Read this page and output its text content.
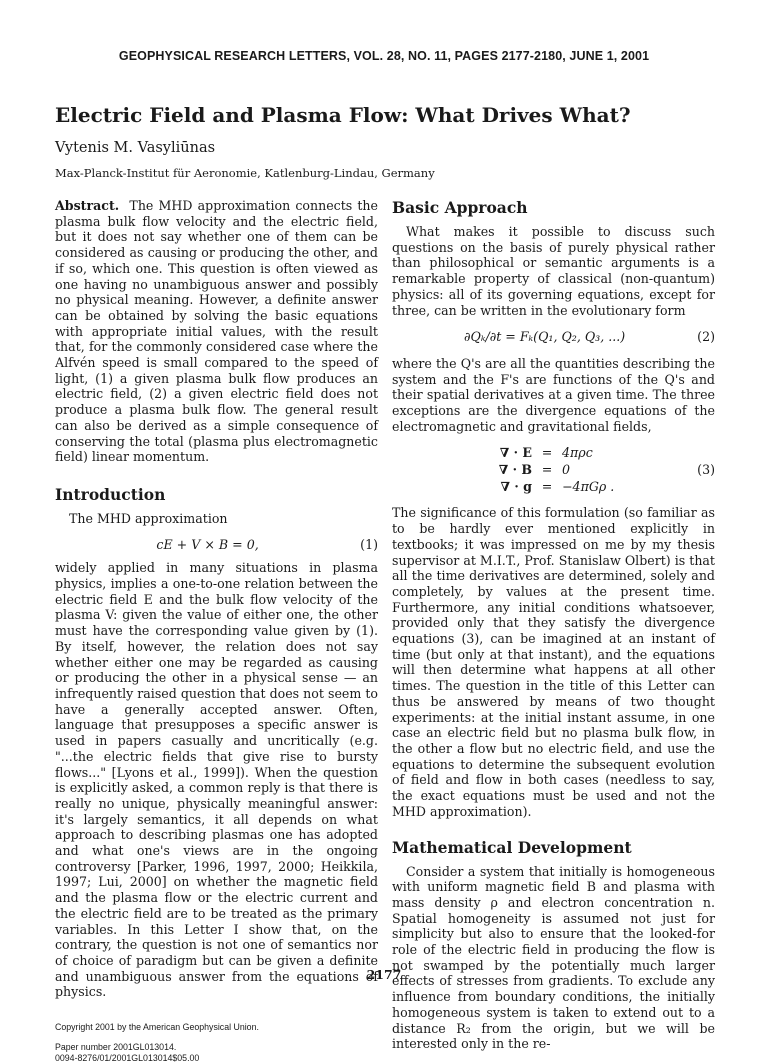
GEOPHYSICAL RESEARCH LETTERS, VOL. 28, NO. 11, PAGES 2177-2180, JUNE 1, 2001
Electric Field and Plasma Flow: What Drives What?
Vytenis M. Vasyliūnas
Max-Planck-Institut für Aeronomie, Katlenburg-Lindau, Germany

Abstract. The MHD approximation connects the plasma bulk flow velocity and the electric field, but it does not say whether one of them can be considered as causing or producing the other, and if so, which one. This question is often viewed as one having no unambiguous answer and possibly no physical meaning. However, a definite answer can be obtained by solving the basic equations with appropriate initial values, with the result that, for the commonly considered case where the Alfvén speed is small compared to the speed of light, (1) a given plasma bulk flow produces an electric field, (2) a given electric field does not produce a plasma bulk flow. The general result can also be derived as a simple consequence of conserving the total (plasma plus electromagnetic field) linear momentum.

Introduction

The MHD approximation

cE + V × B = 0,	(1)

widely applied in many situations in plasma physics, implies a one-to-one relation between the electric field E and the bulk flow velocity of the plasma V: given the value of either one, the other must have the corresponding value given by (1). By itself, however, the relation does not say whether either one may be regarded as causing or producing the other in a physical sense — an infrequently raised question that does not seem to have a generally accepted answer. Often, language that presupposes a specific answer is used in papers casually and uncritically (e.g. "...the electric fields that give rise to bursty flows..." [Lyons et al., 1999]). When the question is explicitly asked, a common reply is that there is really no unique, physically meaningful answer: it's largely semantics, it all depends on what approach to describing plasmas one has adopted and what one's views are in the ongoing controversy [Parker, 1996, 1997, 2000; Heikkila, 1997; Lui, 2000] on whether the magnetic field and the plasma flow or the electric current and the electric field are to be treated as the primary variables. In this Letter I show that, on the contrary, the question is not one of semantics nor of choice of paradigm but can be given a definite and unambiguous answer from the equations of physics.

Copyright 2001 by the American Geophysical Union.
Paper number 2001GL013014.
0094-8276/01/2001GL013014$05.00
Basic Approach

What makes it possible to discuss such questions on the basis of purely physical rather than philosophical or semantic arguments is a remarkable property of classical (non-quantum) physics: all of its governing equations, except for three, can be written in the evolutionary form

∂Qₖ/∂t = Fₖ(Q₁, Q₂, Q₃, ...)	(2)

where the Q's are all the quantities describing the system and the F's are functions of the Q's and their spatial derivatives at a given time. The three exceptions are the divergence equations of the electromagnetic and gravitational fields,

∇ · E = 4πρc
∇ · B = 0
∇ · g = −4πGρ .
(3)

The significance of this formulation (so familiar as to be hardly ever mentioned explicitly in textbooks; it was impressed on me by my thesis supervisor at M.I.T., Prof. Stanislaw Olbert) is that all the time derivatives are determined, solely and completely, by values at the present time. Furthermore, any initial conditions whatsoever, provided only that they satisfy the divergence equations (3), can be imagined at an instant of time (but only at that instant), and the equations will then determine what happens at all other times. The question in the title of this Letter can thus be answered by means of two thought experiments: at the initial instant assume, in one case an electric field but no plasma bulk flow, in the other a flow but no electric field, and use the equations to determine the subsequent evolution of field and flow in both cases (needless to say, the exact equations must be used and not the MHD approximation).

Mathematical Development

Consider a system that initially is homogeneous with uniform magnetic field B and plasma with mass density ρ and electron concentration n. Spatial homogeneity is assumed not just for simplicity but also to ensure that the looked-for role of the electric field in producing the flow is not swamped by the potentially much larger effects of stresses from gradients. To exclude any influence from boundary conditions, the initially homogeneous system is taken to extend out to a distance R₂ from the origin, but we will be interested only in the re-

2177
